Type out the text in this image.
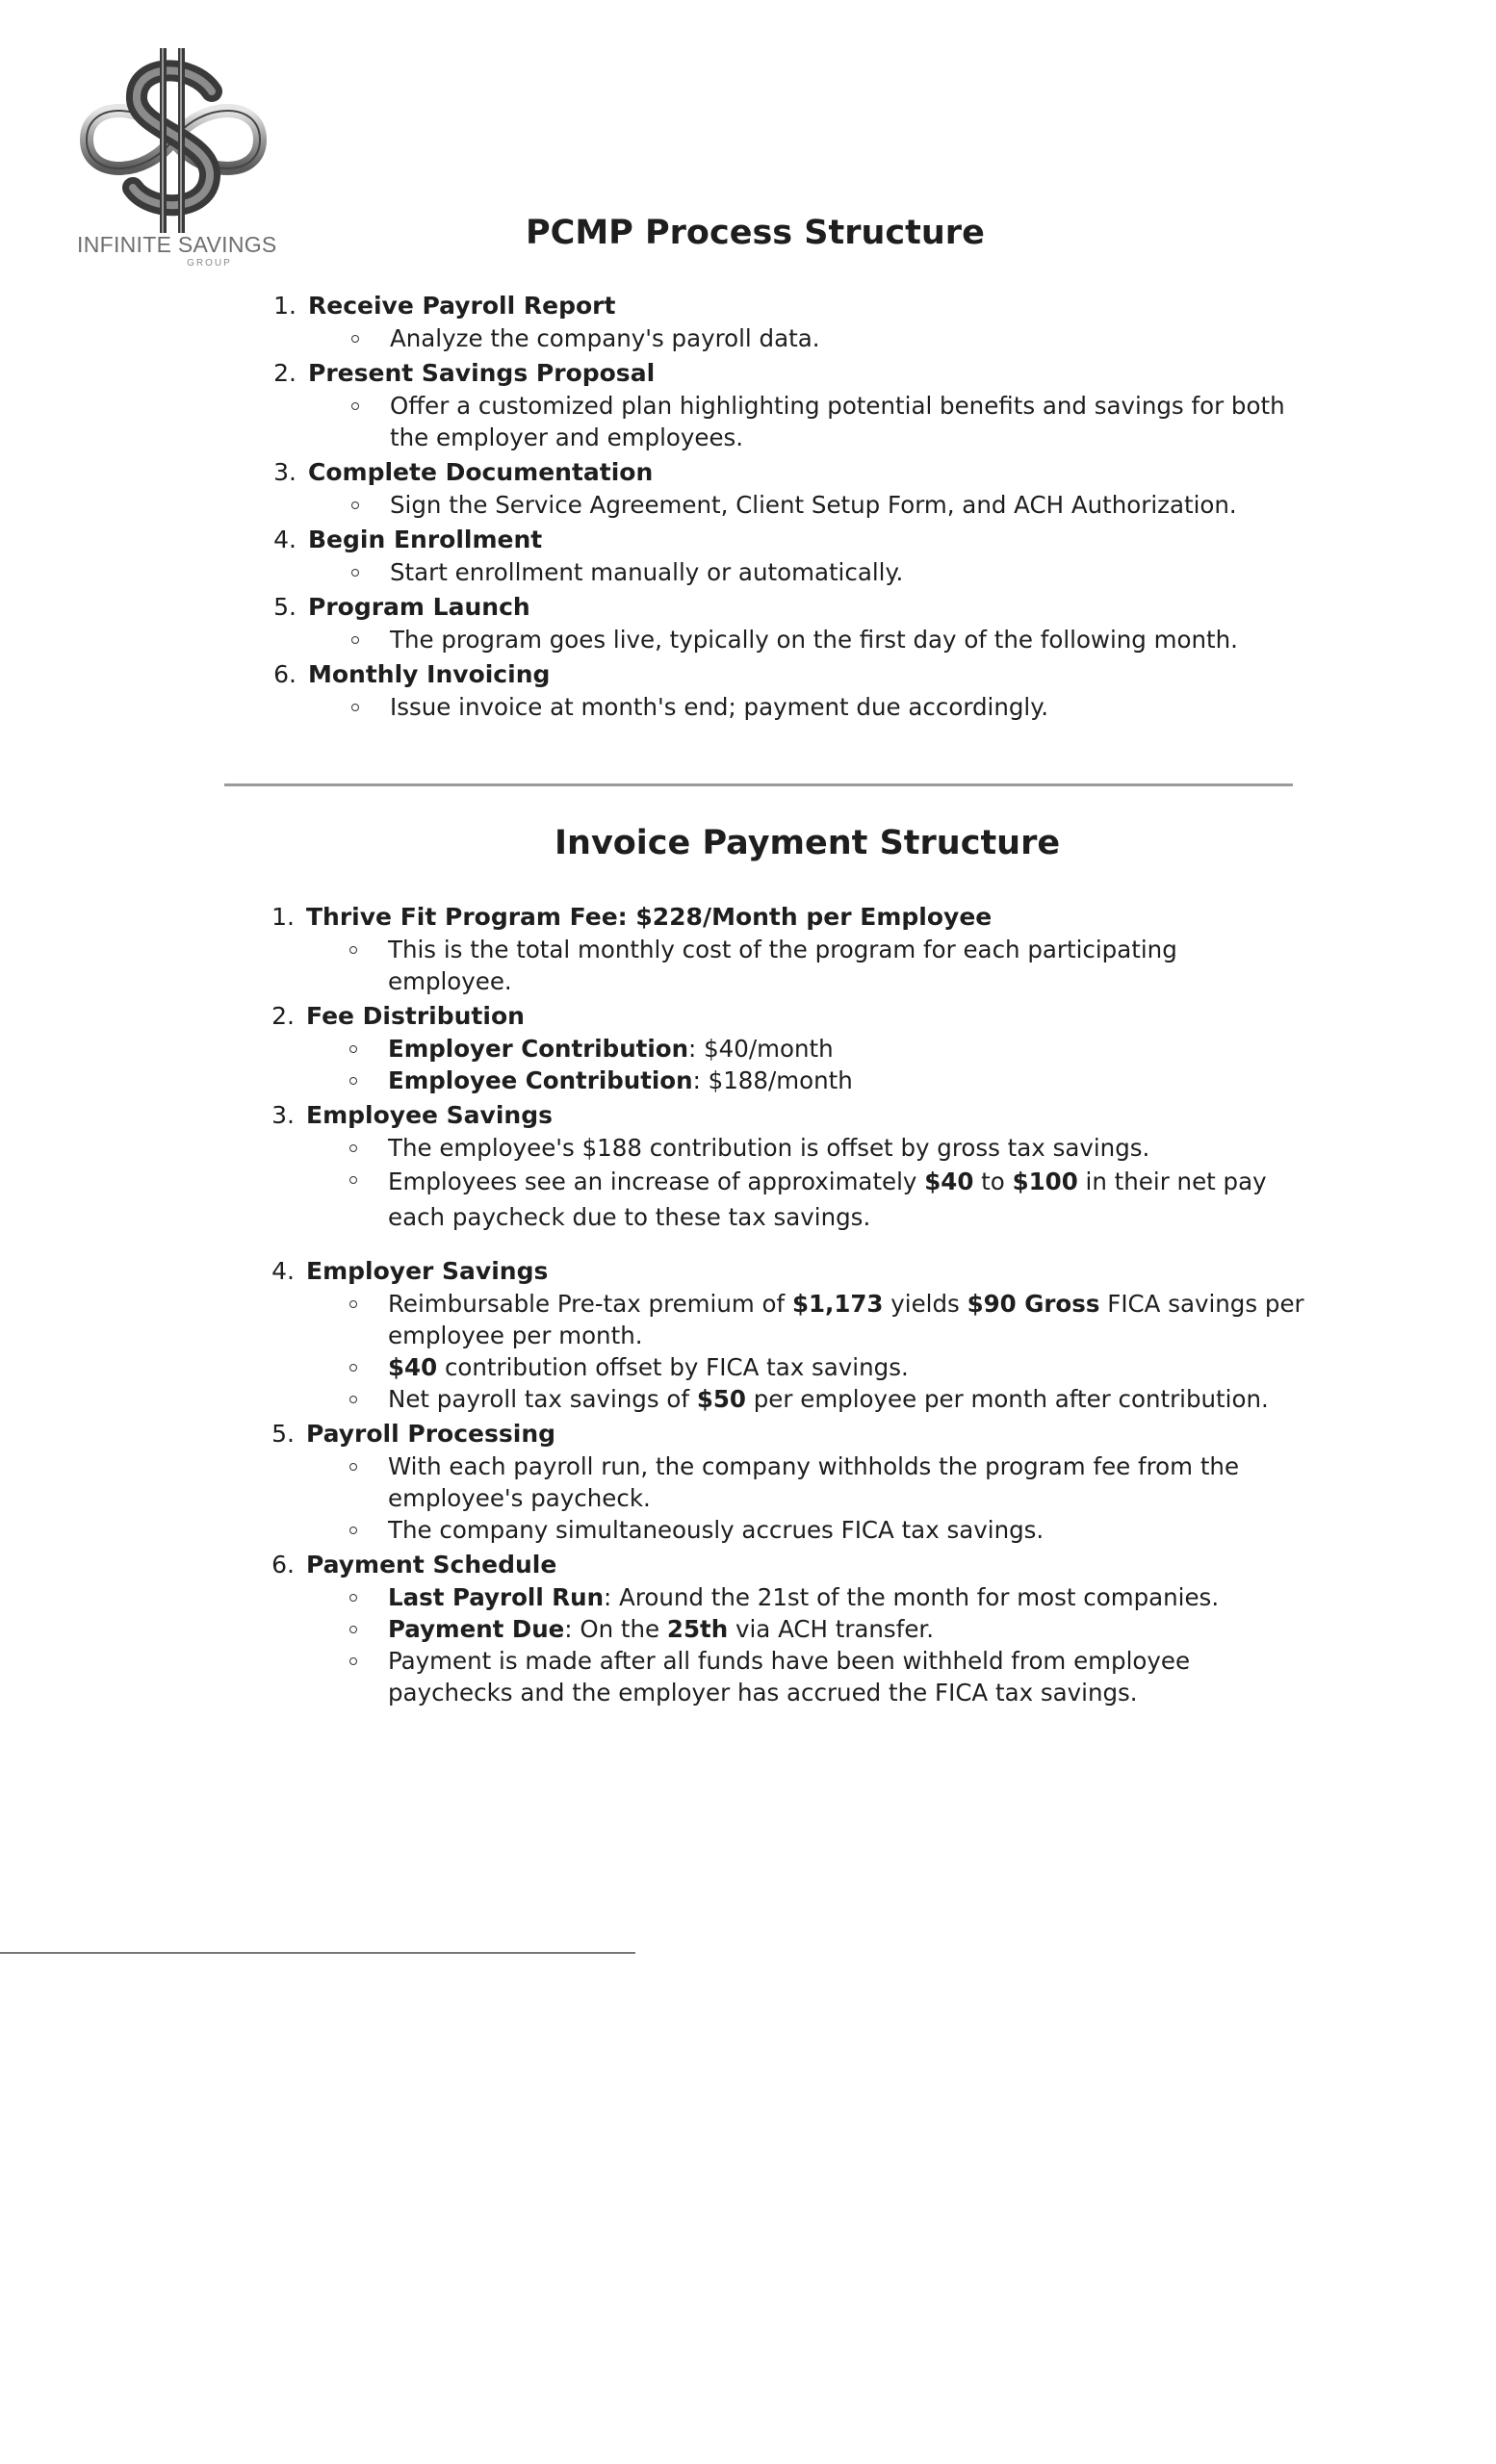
INFINITE SAVINGS
GROUP
PCMP Process Structure
1. Receive Payroll Report
Analyze the company's payroll data.
2. Present Savings Proposal
Offer a customized plan highlighting potential benefits and savings for both the employer and employees.
3. Complete Documentation
Sign the Service Agreement, Client Setup Form, and ACH Authorization.
4. Begin Enrollment
Start enrollment manually or automatically.
5. Program Launch
The program goes live, typically on the first day of the following month.
6. Monthly Invoicing
Issue invoice at month's end; payment due accordingly.
Invoice Payment Structure
1. Thrive Fit Program Fee: $228/Month per Employee
This is the total monthly cost of the program for each participating employee.
2. Fee Distribution
Employer Contribution: $40/month
Employee Contribution: $188/month
3. Employee Savings
The employee's $188 contribution is offset by gross tax savings.
Employees see an increase of approximately $40 to $100 in their net pay each paycheck due to these tax savings.
4. Employer Savings
Reimbursable Pre-tax premium of $1,173 yields $90 Gross FICA savings per employee per month.
$40 contribution offset by FICA tax savings.
Net payroll tax savings of $50 per employee per month after contribution.
5. Payroll Processing
With each payroll run, the company withholds the program fee from the employee's paycheck.
The company simultaneously accrues FICA tax savings.
6. Payment Schedule
Last Payroll Run: Around the 21st of the month for most companies.
Payment Due: On the 25th via ACH transfer.
Payment is made after all funds have been withheld from employee paychecks and the employer has accrued the FICA tax savings.
